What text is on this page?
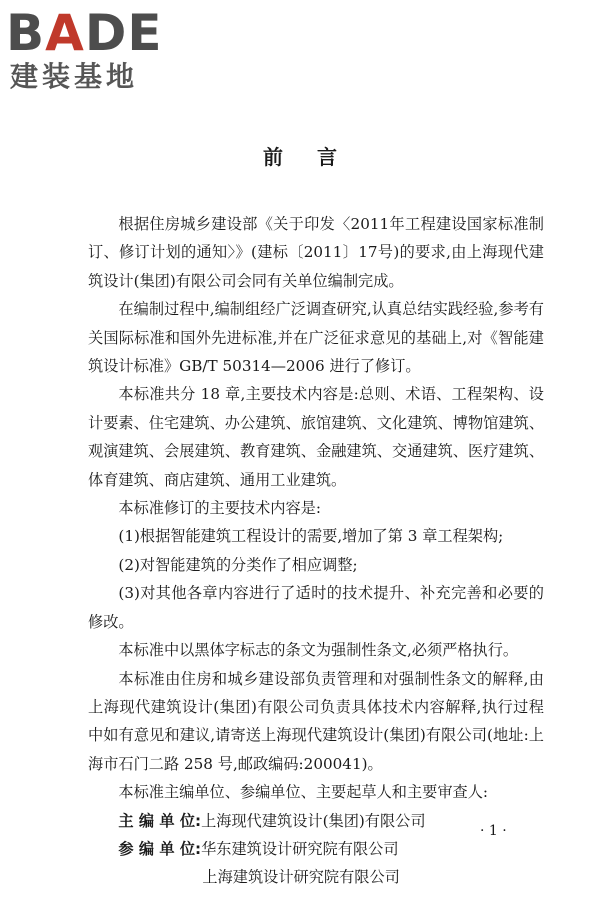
BADE
建装基地
前言

根据住房城乡建设部《关于印发〈2011年工程建设国家标准制订、修订计划的通知〉》(建标〔2011〕17号)的要求,由上海现代建筑设计(集团)有限公司会同有关单位编制完成。

在编制过程中,编制组经广泛调查研究,认真总结实践经验,参考有关国际标准和国外先进标准,并在广泛征求意见的基础上,对《智能建筑设计标准》GB/T 50314—2006 进行了修订。

本标准共分 18 章,主要技术内容是:总则、术语、工程架构、设计要素、住宅建筑、办公建筑、旅馆建筑、文化建筑、博物馆建筑、观演建筑、会展建筑、教育建筑、金融建筑、交通建筑、医疗建筑、体育建筑、商店建筑、通用工业建筑。

本标准修订的主要技术内容是:

(1)根据智能建筑工程设计的需要,增加了第 3 章工程架构;

(2)对智能建筑的分类作了相应调整;

(3)对其他各章内容进行了适时的技术提升、补充完善和必要的修改。

本标准中以黑体字标志的条文为强制性条文,必须严格执行。

本标准由住房和城乡建设部负责管理和对强制性条文的解释,由上海现代建筑设计(集团)有限公司负责具体技术内容解释,执行过程中如有意见和建议,请寄送上海现代建筑设计(集团)有限公司(地址:上海市石门二路 258 号,邮政编码:200041)。

本标准主编单位、参编单位、主要起草人和主要审查人:

主 编 单 位:上海现代建筑设计(集团)有限公司

参 编 单 位:华东建筑设计研究院有限公司

上海建筑设计研究院有限公司

· 1 ·
